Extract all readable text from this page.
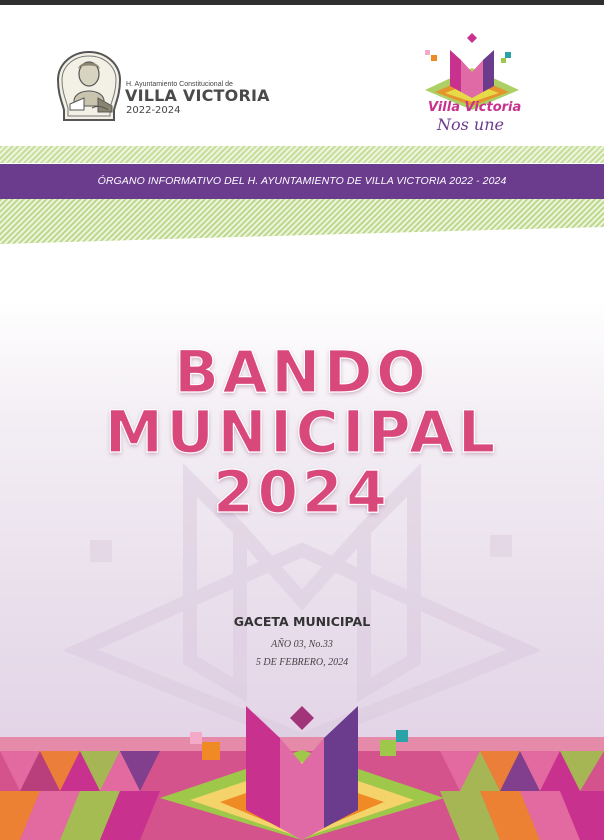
H. Ayuntamiento Constitucional de
VILLA VICTORIA
2022-2024	Villa Victoria
Nos une
ÓRGANO INFORMATIVO DEL H. AYUNTAMIENTO DE VILLA VICTORIA 2022 - 2024
BANDO
MUNICIPAL
2024
GACETA MUNICIPAL
AÑO 03, No.33
5 DE FEBRERO, 2024
